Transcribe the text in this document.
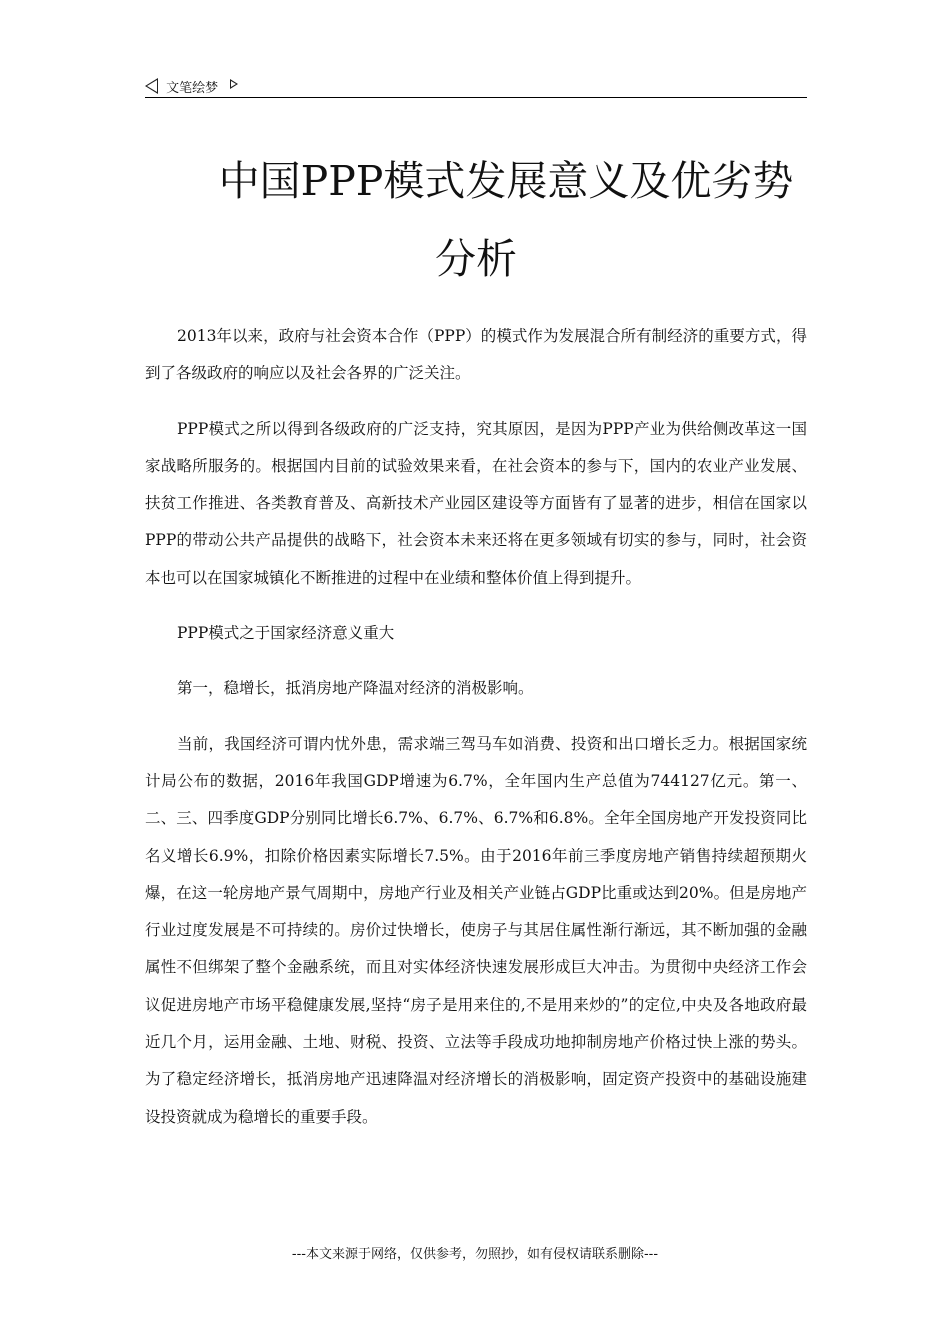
文笔绘梦
中国PPP模式发展意义及优劣势
分析

2013年以来，政府与社会资本合作（PPP）的模式作为发展混合所有制经济的重要方式，得到了各级政府的响应以及社会各界的广泛关注。

PPP模式之所以得到各级政府的广泛支持，究其原因，是因为PPP产业为供给侧改革这一国家战略所服务的。根据国内目前的试验效果来看，在社会资本的参与下，国内的农业产业发展、扶贫工作推进、各类教育普及、高新技术产业园区建设等方面皆有了显著的进步，相信在国家以PPP的带动公共产品提供的战略下，社会资本未来还将在更多领域有切实的参与，同时，社会资本也可以在国家城镇化不断推进的过程中在业绩和整体价值上得到提升。

PPP模式之于国家经济意义重大

第一，稳增长，抵消房地产降温对经济的消极影响。

当前，我国经济可谓内忧外患，需求端三驾马车如消费、投资和出口增长乏力。根据国家统计局公布的数据，2016年我国GDP增速为6.7%，全年国内生产总值为744127亿元。第一、二、三、四季度GDP分别同比增长6.7%、6.7%、6.7%和6.8%。全年全国房地产开发投资同比名义增长6.9%，扣除价格因素实际增长7.5%。由于2016年前三季度房地产销售持续超预期火爆，在这一轮房地产景气周期中，房地产行业及相关产业链占GDP比重或达到20%。但是房地产行业过度发展是不可持续的。房价过快增长，使房子与其居住属性渐行渐远，其不断加强的金融属性不但绑架了整个金融系统，而且对实体经济快速发展形成巨大冲击。为贯彻中央经济工作会议促进房地产市场平稳健康发展,坚持“房子是用来住的,不是用来炒的”的定位,中央及各地政府最近几个月，运用金融、土地、财税、投资、立法等手段成功地抑制房地产价格过快上涨的势头。为了稳定经济增长，抵消房地产迅速降温对经济增长的消极影响，固定资产投资中的基础设施建设投资就成为稳增长的重要手段。

---本文来源于网络，仅供参考，勿照抄，如有侵权请联系删除---
